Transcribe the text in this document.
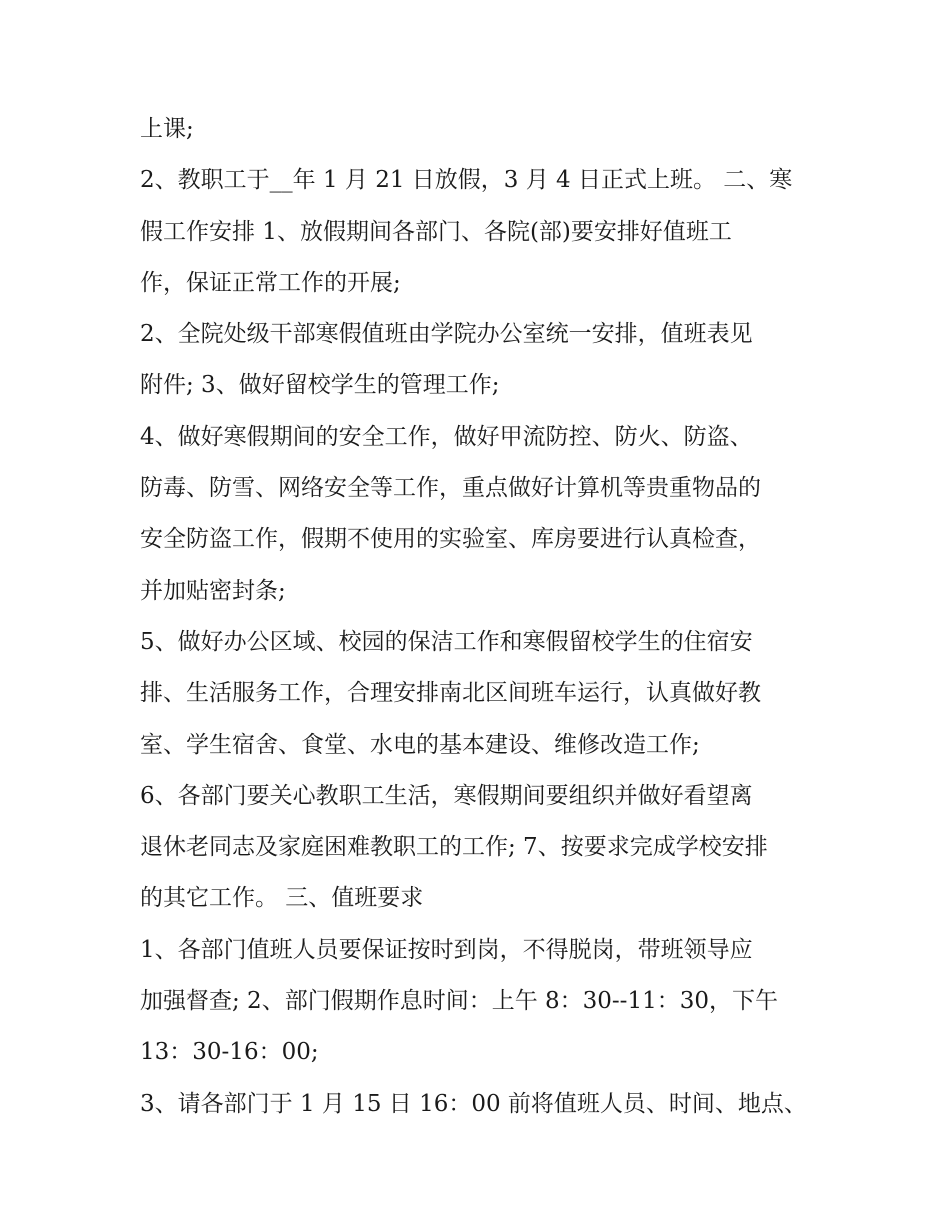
上课;
2、教职工于__年 1 月 21 日放假，3 月 4 日正式上班。 二、寒
假工作安排 1、放假期间各部门、各院(部)要安排好值班工
作，保证正常工作的开展;
2、全院处级干部寒假值班由学院办公室统一安排，值班表见
附件; 3、做好留校学生的管理工作;
4、做好寒假期间的安全工作，做好甲流防控、防火、防盗、
防毒、防雪、网络安全等工作，重点做好计算机等贵重物品的
安全防盗工作，假期不使用的实验室、库房要进行认真检查，
并加贴密封条;
5、做好办公区域、校园的保洁工作和寒假留校学生的住宿安
排、生活服务工作，合理安排南北区间班车运行，认真做好教
室、学生宿舍、食堂、水电的基本建设、维修改造工作;
6、各部门要关心教职工生活，寒假期间要组织并做好看望离
退休老同志及家庭困难教职工的工作; 7、按要求完成学校安排
的其它工作。 三、值班要求
1、各部门值班人员要保证按时到岗，不得脱岗，带班领导应
加强督查; 2、部门假期作息时间：上午 8：30--11：30，下午
13：30-16：00;
3、请各部门于 1 月 15 日 16：00 前将值班人员、时间、地点、
